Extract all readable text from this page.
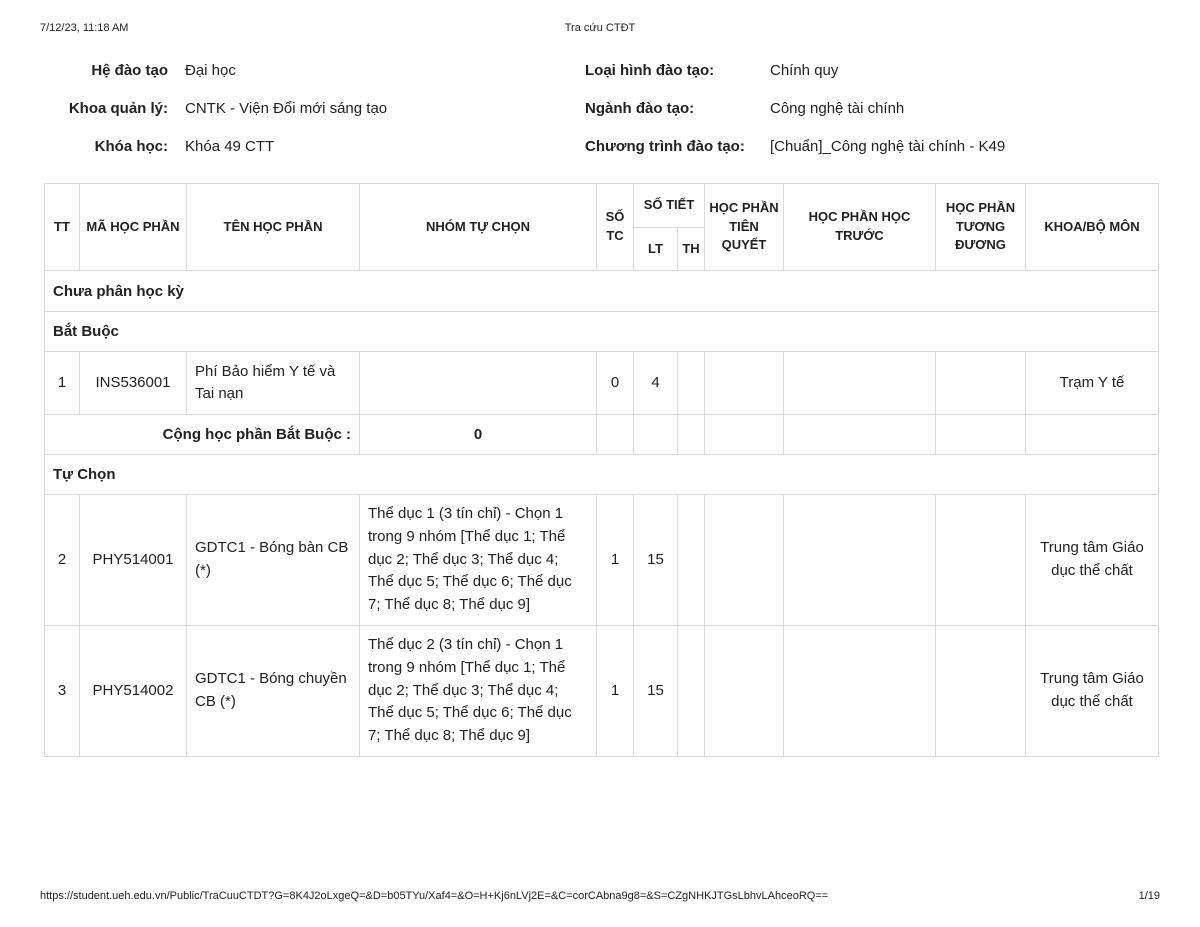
7/12/23, 11:18 AM	Tra cứu CTĐT
Hệ đào tạo Đại học	Loại hình đào tạo:	Chính quy
Khoa quản lý: CNTK - Viện Đổi mới sáng tạo	Ngành đào tạo:	Công nghệ tài chính
Khóa học: Khóa 49 CTT	Chương trình đào tạo: [Chuẩn]_Công nghệ tài chính - K49
TT	MÃ HỌC PHẦN	TÊN HỌC PHẦN	NHÓM TỰ CHỌN	SỐ TC	SỐ TIẾT		HỌC PHẦN TIÊN QUYẾT	HỌC PHẦN HỌC TRƯỚC	HỌC PHẦN TƯƠNG ĐƯƠNG	KHOA/BỘ MÔN
					LT	TH				
Chưa phân học kỳ										
Bắt Buộc										
1	INS536001	Phí Bảo hiểm Y tế và Tai nạn		0	4					Trạm Y tế
Cộng học phần Bắt Buộc :			0							
Tự Chọn										
2	PHY514001	GDTC1 - Bóng bàn CB (*)	Thể dục 1 (3 tín chỉ) - Chọn 1 trong 9 nhóm [Thể dục 1; Thể dục 2; Thể dục 3; Thể dục 4; Thể dục 5; Thể dục 6; Thể dục 7; Thể dục 8; Thể dục 9]	1	15					Trung tâm Giáo dục thể chất
3	PHY514002	GDTC1 - Bóng chuyền CB (*)	Thể dục 2 (3 tín chỉ) - Chọn 1 trong 9 nhóm [Thể dục 1; Thể dục 2; Thể dục 3; Thể dục 4; Thể dục 5; Thể dục 6; Thể dục 7; Thể dục 8; Thể dục 9]	1	15					Trung tâm Giáo dục thể chất
https://student.ueh.edu.vn/Public/TraCuuCTDT?G=8K4J2oLxgeQ=&D=b05TYu/Xaf4=&O=H+Kj6nLVj2E=&C=corCAbna9g8=&S=CZgNHKJTGsLbhvLAhceoRQ==	1/19
